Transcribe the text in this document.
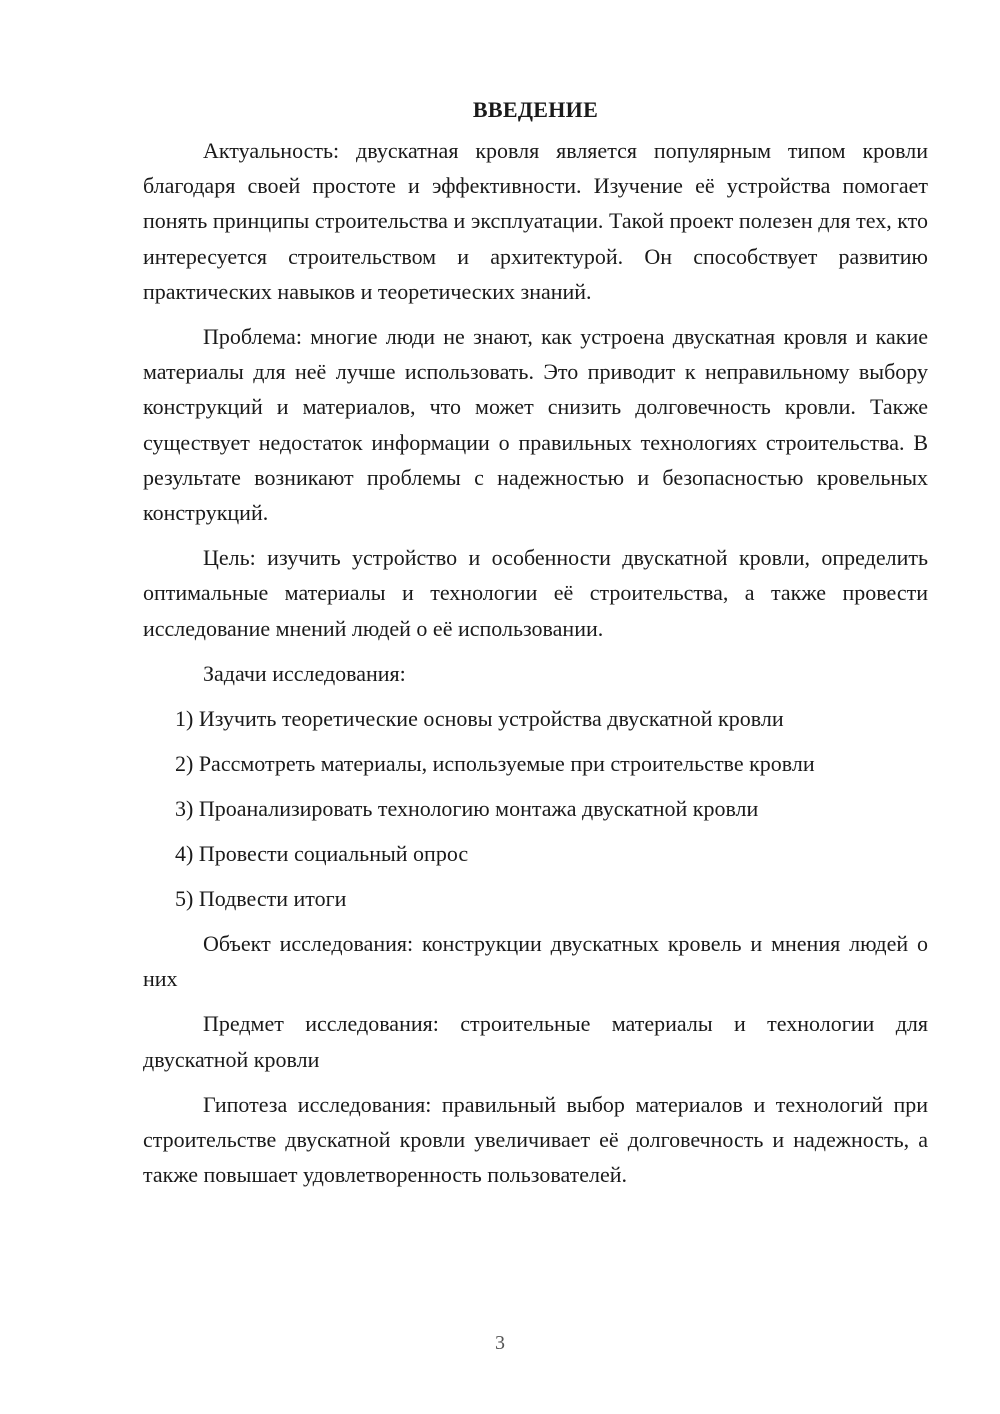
ВВЕДЕНИЕ

Актуальность: двускатная кровля является популярным типом кровли благодаря своей простоте и эффективности. Изучение её устройства помогает понять принципы строительства и эксплуатации. Такой проект полезен для тех, кто интересуется строительством и архитектурой. Он способствует развитию практических навыков и теоретических знаний.

Проблема: многие люди не знают, как устроена двускатная кровля и какие материалы для неё лучше использовать. Это приводит к неправильному выбору конструкций и материалов, что может снизить долговечность кровли. Также существует недостаток информации о правильных технологиях строительства. В результате возникают проблемы с надежностью и безопасностью кровельных конструкций.

Цель: изучить устройство и особенности двускатной кровли, определить оптимальные материалы и технологии её строительства, а также провести исследование мнений людей о её использовании.

Задачи исследования:

1) Изучить теоретические основы устройства двускатной кровли
2) Рассмотреть материалы, используемые при строительстве кровли
3) Проанализировать технологию монтажа двускатной кровли
4) Провести социальный опрос
5) Подвести итоги

Объект исследования: конструкции двускатных кровель и мнения людей о них

Предмет исследования: строительные материалы и технологии для двускатной кровли

Гипотеза исследования: правильный выбор материалов и технологий при строительстве двускатной кровли увеличивает её долговечность и надежность, а также повышает удовлетворенность пользователей.

3
